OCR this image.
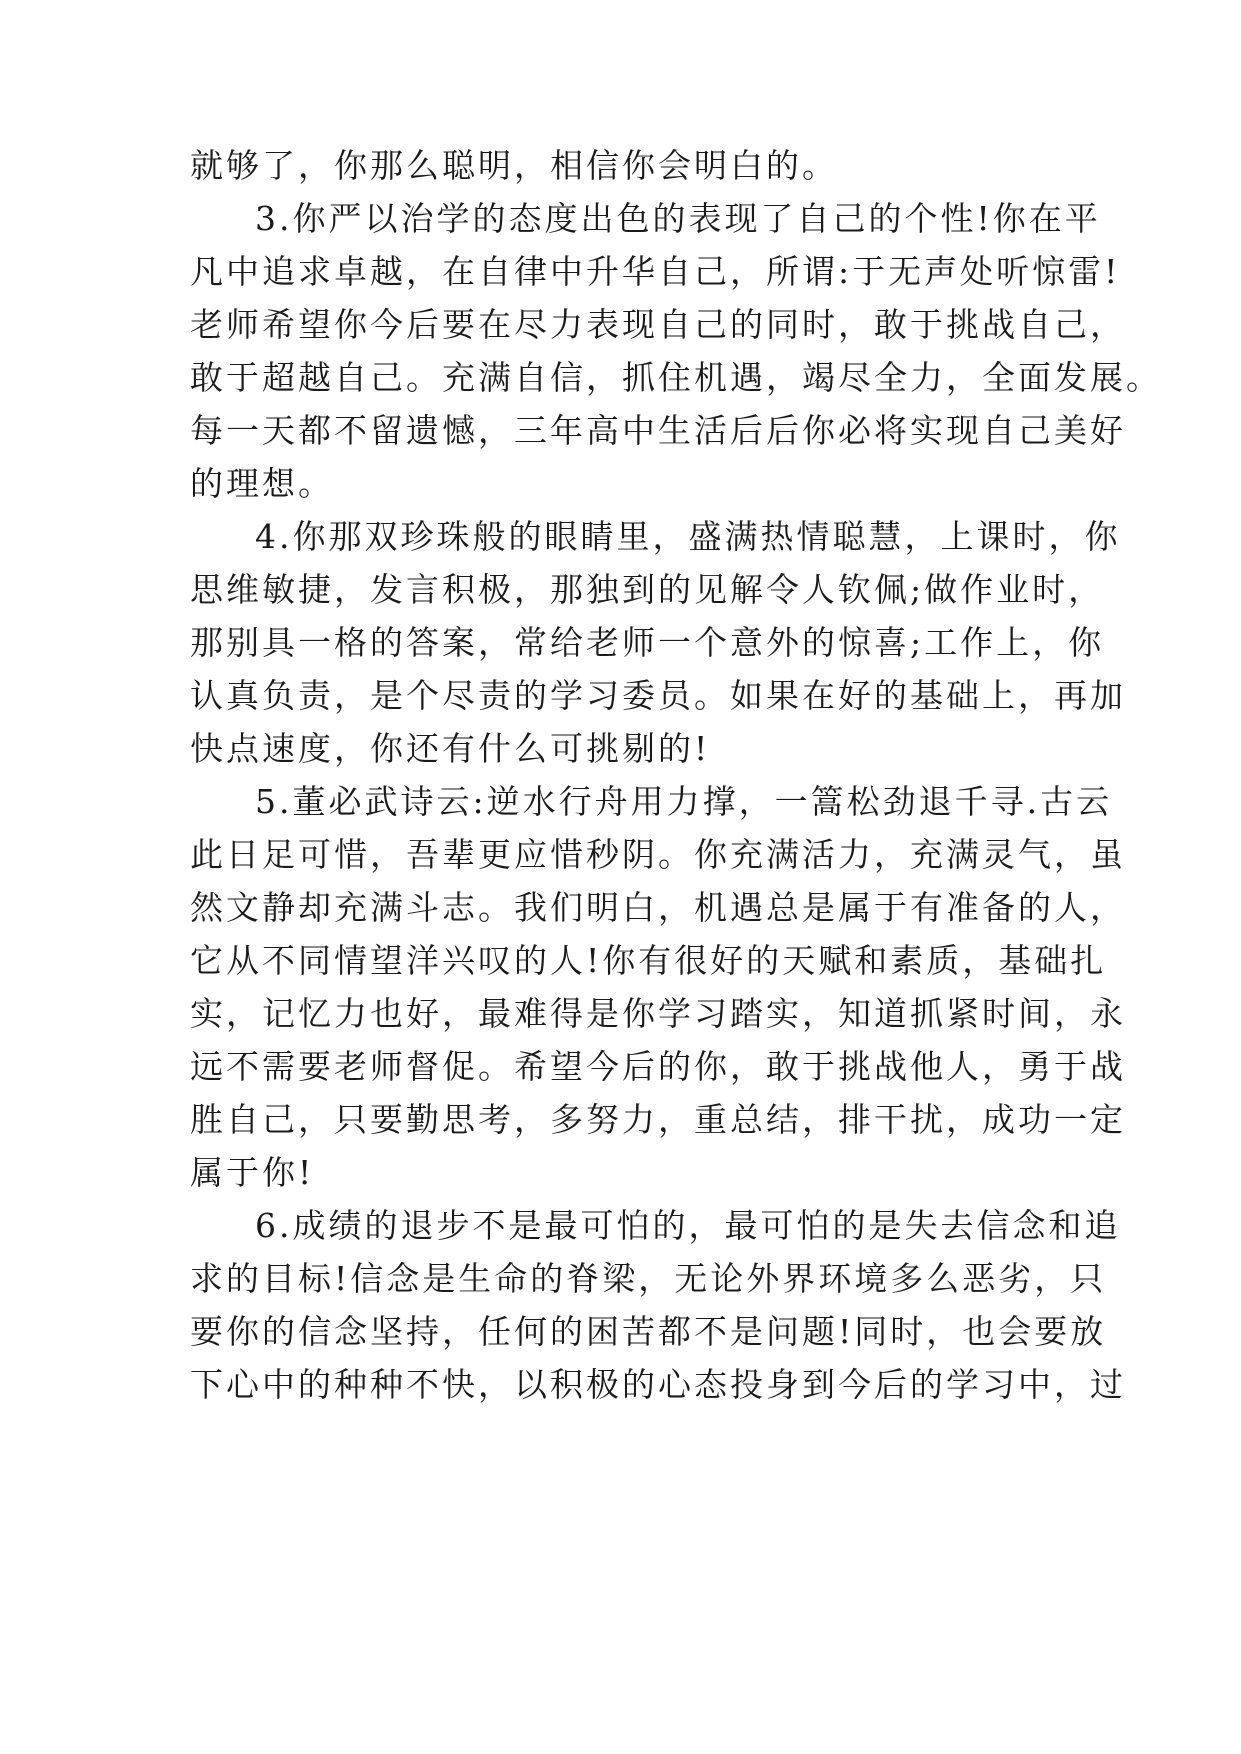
就够了，你那么聪明，相信你会明白的。
3.你严以治学的态度出色的表现了自己的个性!你在平
凡中追求卓越，在自律中升华自己，所谓:于无声处听惊雷!
老师希望你今后要在尽力表现自己的同时，敢于挑战自己，
敢于超越自己。充满自信，抓住机遇，竭尽全力，全面发展。
每一天都不留遗憾，三年高中生活后后你必将实现自己美好
的理想。
4.你那双珍珠般的眼睛里，盛满热情聪慧，上课时，你
思维敏捷，发言积极，那独到的见解令人钦佩;做作业时，
那别具一格的答案，常给老师一个意外的惊喜;工作上，你
认真负责，是个尽责的学习委员。如果在好的基础上，再加
快点速度，你还有什么可挑剔的!
5.董必武诗云:逆水行舟用力撑，一篙松劲退千寻.古云
此日足可惜，吾辈更应惜秒阴。你充满活力，充满灵气，虽
然文静却充满斗志。我们明白，机遇总是属于有准备的人，
它从不同情望洋兴叹的人!你有很好的天赋和素质，基础扎
实，记忆力也好，最难得是你学习踏实，知道抓紧时间，永
远不需要老师督促。希望今后的你，敢于挑战他人，勇于战
胜自己，只要勤思考，多努力，重总结，排干扰，成功一定
属于你!
6.成绩的退步不是最可怕的，最可怕的是失去信念和追
求的目标!信念是生命的脊梁，无论外界环境多么恶劣，只
要你的信念坚持，任何的困苦都不是问题!同时，也会要放
下心中的种种不快，以积极的心态投身到今后的学习中，过
